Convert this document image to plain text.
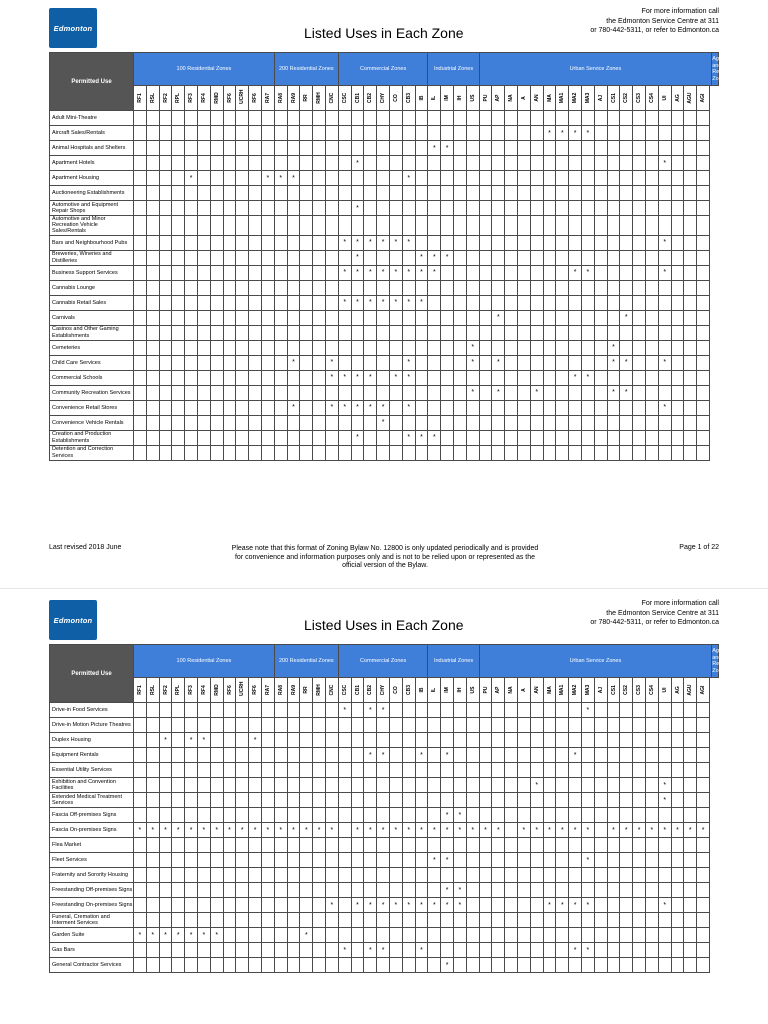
Edmonton	Listed Uses in Each Zone
For more information call
the Edmonton Service Centre at 311
or 780-442-5311, or refer to Edmonton.ca
Permitted Use	100 Residential Zones											200 Residential Zones					Commercial Zones							Industrial Zones				Urban Service Zones																		Agriculture and Reserve Zones

	RF1	RSL	RF2	RPL	RF3	RF4	RMD	RF6	UCRH	RF6	RA7	RA8	RA9	RR	RMH	CNC	CSC	CB1	CB2	CHY	CO	CB3	IB	IL	IM	IH	US	PU	AP	NA	A	AN	MA	MA1	MA2	MA3	AJ	CS1	CS2	CS3	CS4	UI	AG	AGU	AGI	

Adult Mini-Theatre																																														
Aircraft Sales/Rentals																																	*	*	*	*										
Animal Hospitals and Shelters																								*	*																					
Apartment Hotels																		*																								*				
Apartment Housing					*						*	*	*									*																								
Auctioneering Establishments																																														
Automotive and Equipment Repair Shops																		*																												
Automotive and Minor Recreation Vehicle Sales/Rentals																																														
Bars and Neighbourhood Pubs																	*	*	*	*	*	*																				*				
Breweries, Wineries and Distilleries																		*					*	*	*																					
Business Support Services																	*	*	*	*	*	*	*	*											*	*						*				
Cannabis Lounge																																														
Cannabis Retail Sales																	*	*	*	*	*	*	*																							
Carnivals																													*										*							
Casinos and Other Gaming Establishments																																														
Cemeteries																											*											*								
Child Care Services													*			*						*					*		*									*	*			*				
Commercial Schools																*	*	*	*		*	*													*	*										
Community Recreation Services																											*		*			*						*	*							
Convenience Retail Stores													*			*	*	*	*	*		*																				*				
Convenience Vehicle Rentals																				*																										
Creation and Production Establishments																		*				*	*	*																						
Detention and Correction Services																																														
Last revised 2018 June	Please note that this format of Zoning Bylaw No. 12800 is only updated periodically and is provided for convenience and information purposes only and is not to be relied upon or represented as the official version of the Bylaw.
Page 1 of 22
Edmonton	Listed Uses in Each Zone
For more information call
the Edmonton Service Centre at 311
or 780-442-5311, or refer to Edmonton.ca
Permitted Use	100 Residential Zones											200 Residential Zones					Commercial Zones							Industrial Zones				Urban Service Zones																		Agriculture and Reserve Zones

	RF1	RSL	RF2	RPL	RF3	RF4	RMD	RF6	UCRH	RF6	RA7	RA8	RA9	RR	RMH	CNC	CSC	CB1	CB2	CHY	CO	CB3	IB	IL	IM	IH	US	PU	AP	NA	A	AN	MA	MA1	MA2	MA3	AJ	CS1	CS2	CS3	CS4	UI	AG	AGU	AGI	

Drive-in Food Services																	*		*	*																*										
Drive-in Motion Picture Theatres																																														
Duplex Housing			*		*	*				*																																				
Equipment Rentals																			*	*			*		*										*											
Essential Utility Services																																														
Exhibition and Convention Facilities																																*										*				
Extended Medical Treatment Services																																										*				
Fascia Off-premises Signs																									*	*																				
Fascia On-premises Signs	*	*	*	*	*	*	*	*	*	*	*	*	*	*	*	*		*	*	*	*	*	*	*	*	*	*	*	*		*	*	*	*	*	*		*	*	*	*	*	*	*	*	
Flea Market																																														
Fleet Services																								*	*											*										
Fraternity and Sorority Housing																																														
Freestanding Off-premises Signs																									*	*																				
Freestanding On-premises Signs																*		*	*	*	*	*	*	*	*	*							*	*	*	*						*				
Funeral, Cremation and Interment Services																																														
Garden Suite	*	*	*	*	*	*	*							*																																
Gas Bars																	*		*	*			*												*	*										
General Contractor Services																									*																					
